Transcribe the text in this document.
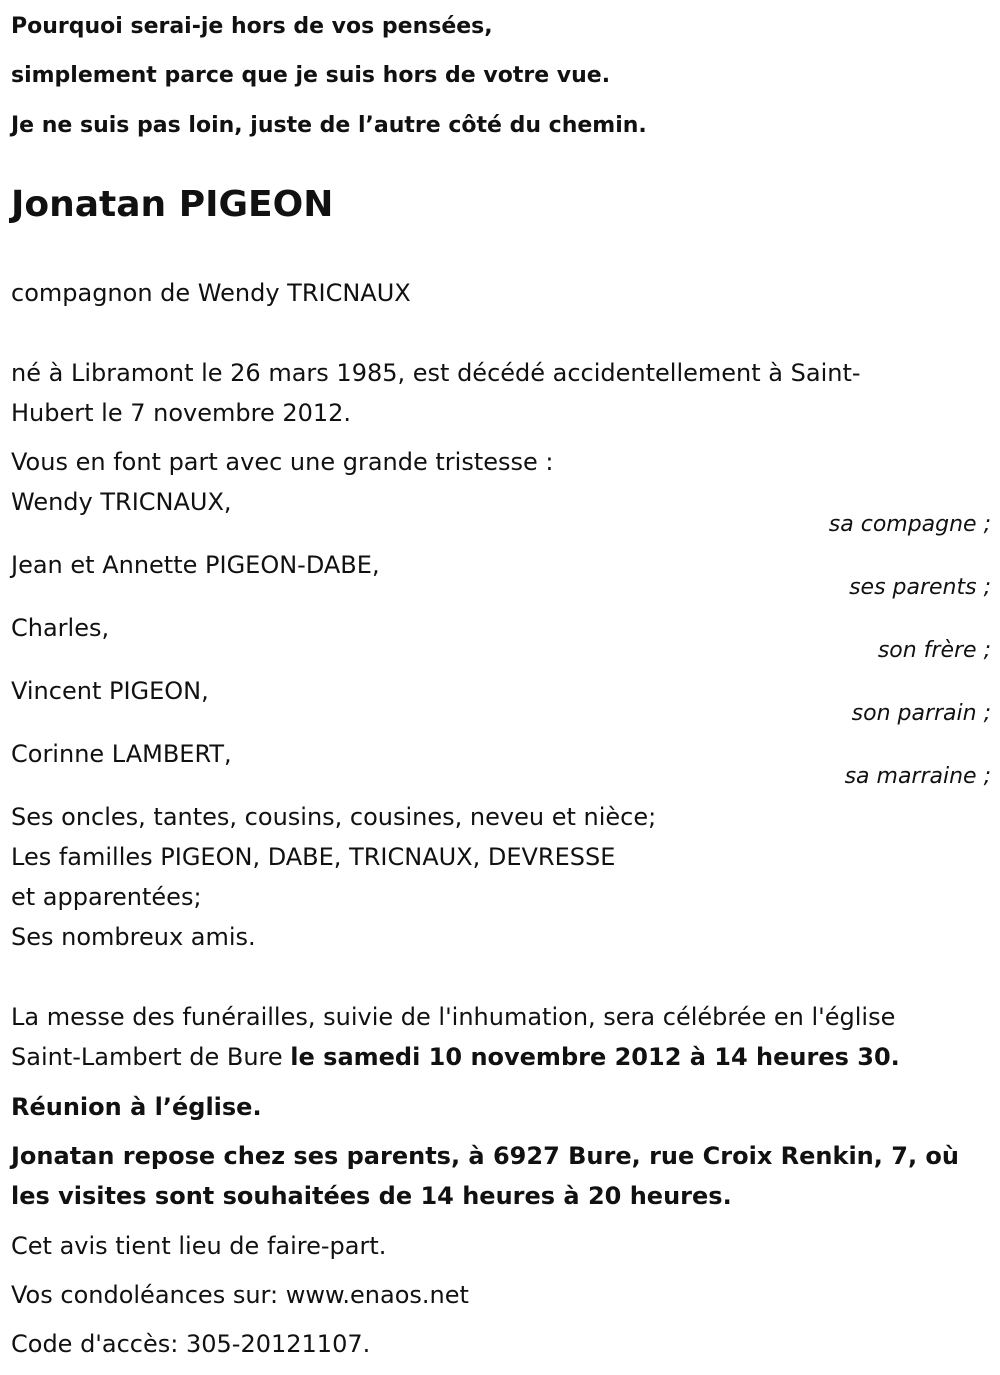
Pourquoi serai-je hors de vos pensées,
simplement parce que je suis hors de votre vue.
Je ne suis pas loin, juste de l’autre côté du chemin.
Jonatan PIGEON
compagnon de Wendy TRICNAUX
né à Libramont le 26 mars 1985, est décédé accidentellement à Saint-
Hubert le 7 novembre 2012.
Vous en font part avec une grande tristesse :
Wendy TRICNAUX,
sa compagne ;
Jean et Annette PIGEON-DABE,
ses parents ;
Charles,
son frère ;
Vincent PIGEON,
son parrain ;
Corinne LAMBERT,
sa marraine ;
Ses oncles, tantes, cousins, cousines, neveu et nièce;
Les familles PIGEON, DABE, TRICNAUX, DEVRESSE
et apparentées;
Ses nombreux amis.
La messe des funérailles, suivie de l'inhumation, sera célébrée en l'église
Saint-Lambert de Bure le samedi 10 novembre 2012 à 14 heures 30.
Réunion à l’église.
Jonatan repose chez ses parents, à 6927 Bure, rue Croix Renkin, 7, où
les visites sont souhaitées de 14 heures à 20 heures.
Cet avis tient lieu de faire-part.
Vos condoléances sur: www.enaos.net
Code d'accès: 305-20121107.
